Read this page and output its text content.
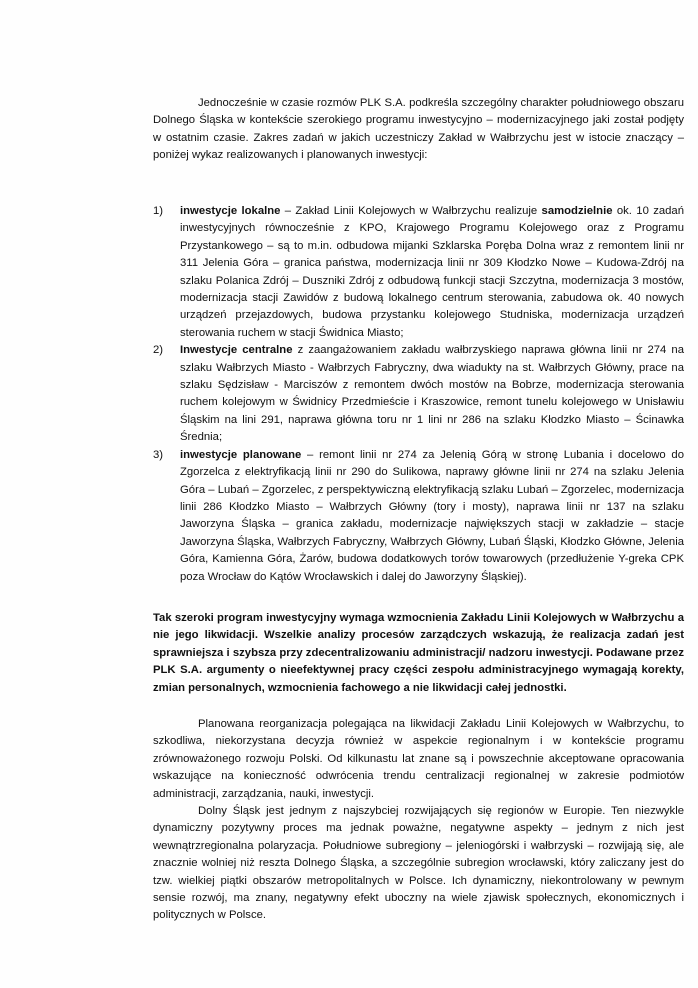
Jednocześnie w czasie rozmów PLK S.A. podkreśla szczególny charakter południowego obszaru Dolnego Śląska w kontekście szerokiego programu inwestycyjno – modernizacyjnego jaki został podjęty w ostatnim czasie. Zakres zadań w jakich uczestniczy Zakład w Wałbrzychu jest w istocie znaczący – poniżej wykaz realizowanych i planowanych inwestycji:

1) inwestycje lokalne – Zakład Linii Kolejowych w Wałbrzychu realizuje samodzielnie ok. 10 zadań inwestycyjnych równocześnie z KPO, Krajowego Programu Kolejowego oraz z Programu Przystankowego – są to m.in. odbudowa mijanki Szklarska Poręba Dolna wraz z remontem linii nr 311 Jelenia Góra – granica państwa, modernizacja linii nr 309 Kłodzko Nowe – Kudowa-Zdrój na szlaku Polanica Zdrój – Duszniki Zdrój z odbudową funkcji stacji Szczytna, modernizacja 3 mostów, modernizacja stacji Zawidów z budową lokalnego centrum sterowania, zabudowa ok. 40 nowych urządzeń przejazdowych, budowa przystanku kolejowego Studniska, modernizacja urządzeń sterowania ruchem w stacji Świdnica Miasto;
2) Inwestycje centralne z zaangażowaniem zakładu wałbrzyskiego naprawa główna linii nr 274 na szlaku Wałbrzych Miasto - Wałbrzych Fabryczny, dwa wiadukty na st. Wałbrzych Główny, prace na szlaku Sędzisław - Marciszów z remontem dwóch mostów na Bobrze, modernizacja sterowania ruchem kolejowym w Świdnicy Przedmieście i Kraszowice, remont tunelu kolejowego w Unisławiu Śląskim na lini 291, naprawa główna toru nr 1 lini nr 286 na szlaku Kłodzko Miasto – Ścinawka Średnia;
3) inwestycje planowane – remont linii nr 274 za Jelenią Górą w stronę Lubania i docelowo do Zgorzelca z elektryfikacją linii nr 290 do Sulikowa, naprawy główne linii nr 274 na szlaku Jelenia Góra – Lubań – Zgorzelec, z perspektywiczną elektryfikacją szlaku Lubań – Zgorzelec, modernizacja linii 286 Kłodzko Miasto – Wałbrzych Główny (tory i mosty), naprawa linii nr 137 na szlaku Jaworzyna Śląska – granica zakładu, modernizacje największych stacji w zakładzie – stacje Jaworzyna Śląska, Wałbrzych Fabryczny, Wałbrzych Główny, Lubań Śląski, Kłodzko Główne, Jelenia Góra, Kamienna Góra, Żarów, budowa dodatkowych torów towarowych (przedłużenie Y-greka CPK poza Wrocław do Kątów Wrocławskich i dalej do Jaworzyny Śląskiej).

Tak szeroki program inwestycyjny wymaga wzmocnienia Zakładu Linii Kolejowych w Wałbrzychu a nie jego likwidacji. Wszelkie analizy procesów zarządczych wskazują, że realizacja zadań jest sprawniejsza i szybsza przy zdecentralizowaniu administracji/ nadzoru inwestycji. Podawane przez PLK S.A. argumenty o nieefektywnej pracy części zespołu administracyjnego wymagają korekty, zmian personalnych, wzmocnienia fachowego a nie likwidacji całej jednostki.

Planowana reorganizacja polegająca na likwidacji Zakładu Linii Kolejowych w Wałbrzychu, to szkodliwa, niekorzystana decyzja również w aspekcie regionalnym i w kontekście programu zrównoważonego rozwoju Polski. Od kilkunastu lat znane są i powszechnie akceptowane opracowania wskazujące na konieczność odwrócenia trendu centralizacji regionalnej w zakresie podmiotów administracji, zarządzania, nauki, inwestycji.

Dolny Śląsk jest jednym z najszybciej rozwijających się regionów w Europie. Ten niezwykle dynamiczny pozytywny proces ma jednak poważne, negatywne aspekty – jednym z nich jest wewnątrzregionalna polaryzacja. Południowe subregiony – jeleniogórski i wałbrzyski – rozwijają się, ale znacznie wolniej niż reszta Dolnego Śląska, a szczególnie subregion wrocławski, który zaliczany jest do tzw. wielkiej piątki obszarów metropolitalnych w Polsce. Ich dynamiczny, niekontrolowany w pewnym sensie rozwój, ma znany, negatywny efekt uboczny na wiele zjawisk społecznych, ekonomicznych i politycznych w Polsce.
